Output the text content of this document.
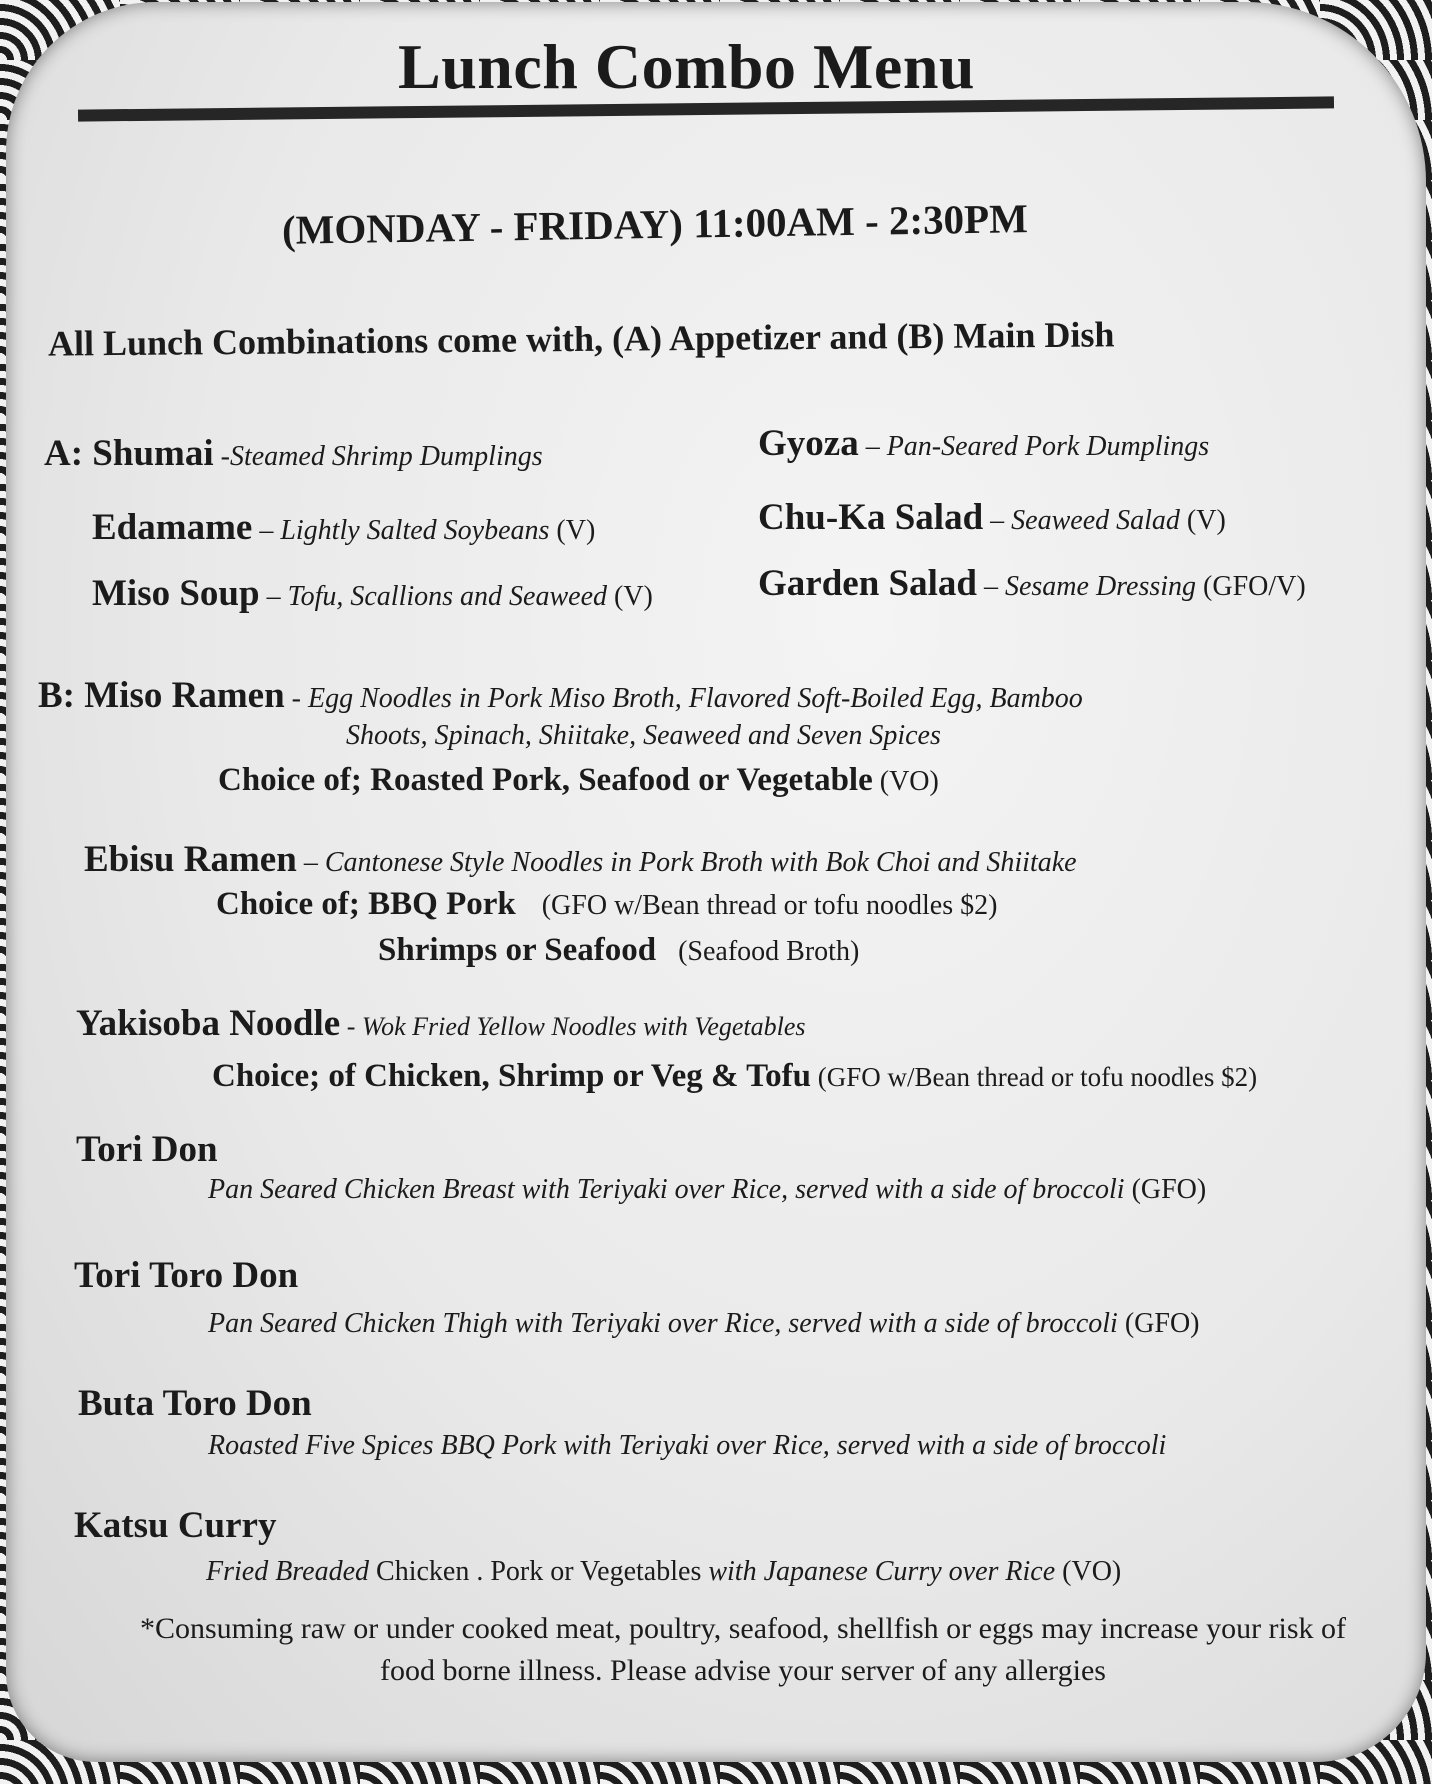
Lunch Combo Menu
(MONDAY - FRIDAY) 11:00AM - 2:30PM
All Lunch Combinations come with, (A) Appetizer and (B) Main Dish
A: Shumai -Steamed Shrimp Dumplings
Edamame – Lightly Salted Soybeans (V)
Miso Soup – Tofu, Scallions and Seaweed (V)
Gyoza – Pan-Seared Pork Dumplings
Chu-Ka Salad – Seaweed Salad (V)
Garden Salad – Sesame Dressing (GFO/V)
B: Miso Ramen - Egg Noodles in Pork Miso Broth, Flavored Soft-Boiled Egg, Bamboo
Shoots, Spinach, Shiitake, Seaweed and Seven Spices
Choice of; Roasted Pork, Seafood or Vegetable (VO)
Ebisu Ramen – Cantonese Style Noodles in Pork Broth with Bok Choi and Shiitake
Choice of; BBQ Pork (GFO w/Bean thread or tofu noodles $2)
Shrimps or Seafood (Seafood Broth)
Yakisoba Noodle - Wok Fried Yellow Noodles with Vegetables
Choice; of Chicken, Shrimp or Veg & Tofu (GFO w/Bean thread or tofu noodles $2)
Tori Don
Pan Seared Chicken Breast with Teriyaki over Rice, served with a side of broccoli (GFO)
Tori Toro Don
Pan Seared Chicken Thigh with Teriyaki over Rice, served with a side of broccoli (GFO)
Buta Toro Don
Roasted Five Spices BBQ Pork with Teriyaki over Rice, served with a side of broccoli
Katsu Curry
Fried Breaded Chicken . Pork or Vegetables with Japanese Curry over Rice (VO)
*Consuming raw or under cooked meat, poultry, seafood, shellfish or eggs may increase your risk of
food borne illness. Please advise your server of any allergies
